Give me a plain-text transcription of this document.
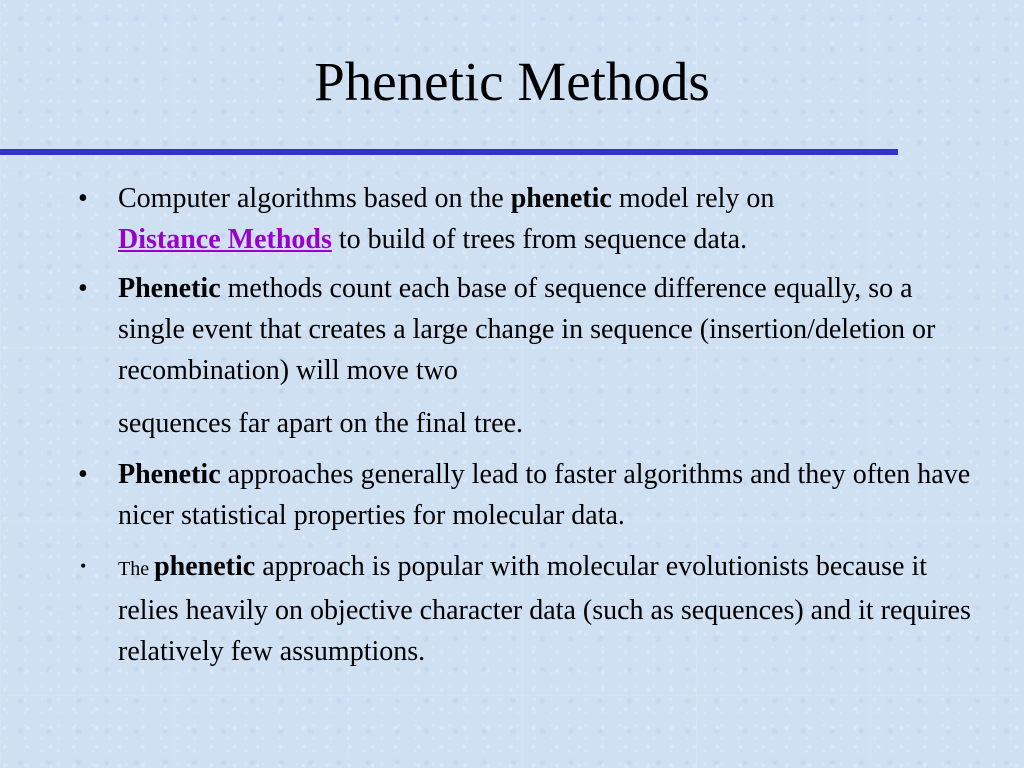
Phenetic Methods
• Computer algorithms based on the phenetic model rely on
Distance Methods to build of trees from sequence data.
• Phenetic methods count each base of sequence difference equally, so a single event that creates a large change in sequence (insertion/deletion or recombination) will move two
sequences far apart on the final tree.
• Phenetic approaches generally lead to faster algorithms and they often have nicer statistical properties for molecular data.
• The phenetic approach is popular with molecular evolutionists because it relies heavily on objective character data (such as sequences) and it requires relatively few assumptions.
